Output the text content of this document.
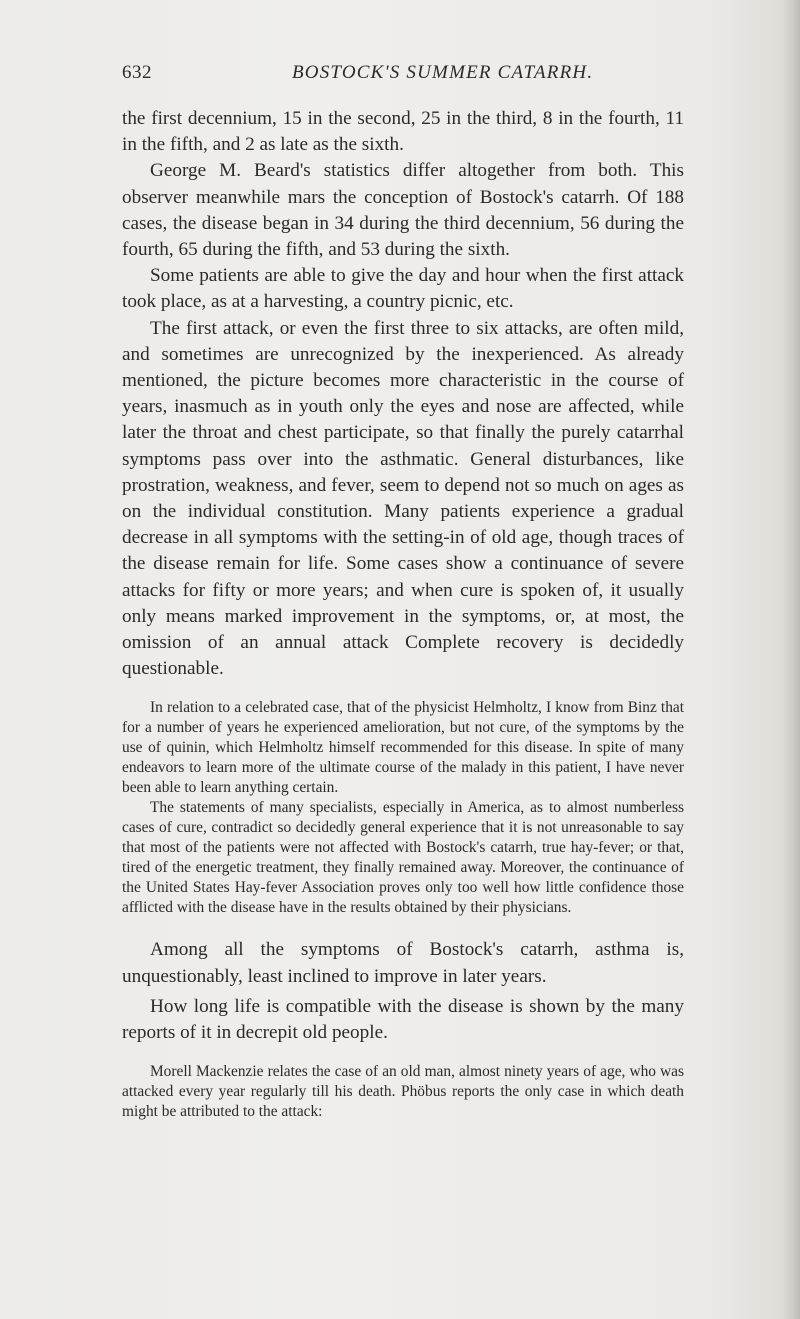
632	BOSTOCK'S SUMMER CATARRH.

the first decennium, 15 in the second, 25 in the third, 8 in the fourth, 11 in the fifth, and 2 as late as the sixth.

George M. Beard's statistics differ altogether from both. This observer meanwhile mars the conception of Bostock's catarrh. Of 188 cases, the disease began in 34 during the third decennium, 56 during the fourth, 65 during the fifth, and 53 during the sixth.

Some patients are able to give the day and hour when the first attack took place, as at a harvesting, a country picnic, etc.

The first attack, or even the first three to six attacks, are often mild, and sometimes are unrecognized by the inexperienced. As already mentioned, the picture becomes more characteristic in the course of years, inasmuch as in youth only the eyes and nose are affected, while later the throat and chest participate, so that finally the purely catarrhal symptoms pass over into the asthmatic. General disturbances, like prostration, weakness, and fever, seem to depend not so much on ages as on the individual constitution. Many patients experience a gradual decrease in all symptoms with the setting-in of old age, though traces of the disease remain for life. Some cases show a continuance of severe attacks for fifty or more years; and when cure is spoken of, it usually only means marked improvement in the symptoms, or, at most, the omission of an annual attack Complete recovery is decidedly questionable.

In relation to a celebrated case, that of the physicist Helmholtz, I know from Binz that for a number of years he experienced amelioration, but not cure, of the symptoms by the use of quinin, which Helmholtz himself recommended for this disease. In spite of many endeavors to learn more of the ultimate course of the malady in this patient, I have never been able to learn anything certain.

The statements of many specialists, especially in America, as to almost numberless cases of cure, contradict so decidedly general experience that it is not unreasonable to say that most of the patients were not affected with Bostock's catarrh, true hay-fever; or that, tired of the energetic treatment, they finally remained away. Moreover, the continuance of the United States Hay-fever Association proves only too well how little confidence those afflicted with the disease have in the results obtained by their physicians.

Among all the symptoms of Bostock's catarrh, asthma is, unquestionably, least inclined to improve in later years.

How long life is compatible with the disease is shown by the many reports of it in decrepit old people.

Morell Mackenzie relates the case of an old man, almost ninety years of age, who was attacked every year regularly till his death. Phöbus reports the only case in which death might be attributed to the attack:
